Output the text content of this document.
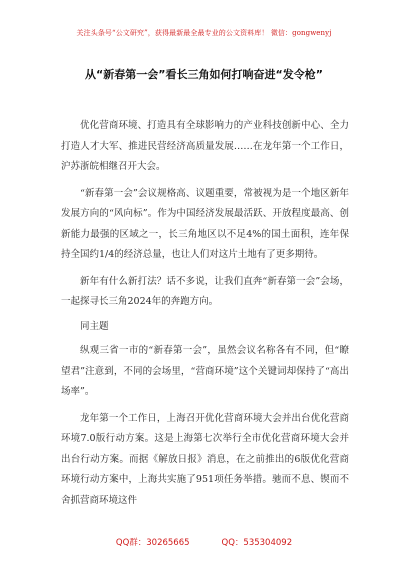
关注头条号“公文研究”，获得最新最全最专业的公文资料库！ 微信：gongwenyj
从“新春第一会”看长三角如何打响奋进“发令枪”

优化营商环境、打造具有全球影响力的产业科技创新中心、全力打造人才大军、推进民营经济高质量发展……在龙年第一个工作日，沪苏浙皖相继召开大会。

“新春第一会”会议规格高、议题重要，常被视为是一个地区新年发展方向的“风向标”。作为中国经济发展最活跃、开放程度最高、创新能力最强的区域之一，长三角地区以不足4%的国土面积，连年保持全国约1/4的经济总量，也让人们对这片土地有了更多期待。

新年有什么新打法？话不多说，让我们直奔“新春第一会”会场，一起探寻长三角2024年的奔跑方向。

同主题

纵观三省一市的“新春第一会”，虽然会议名称各有不同，但“瞭望君”注意到，不同的会场里，“营商环境”这个关键词却保持了“高出场率”。

龙年第一个工作日，上海召开优化营商环境大会并出台优化营商环境7.0版行动方案。这是上海第七次举行全市优化营商环境大会并出台行动方案。而据《解放日报》消息，在之前推出的6版优化营商环境行动方案中，上海共实施了951项任务举措。驰而不息、锲而不舍抓营商环境这件

QQ群：30265665	QQ：535304092
